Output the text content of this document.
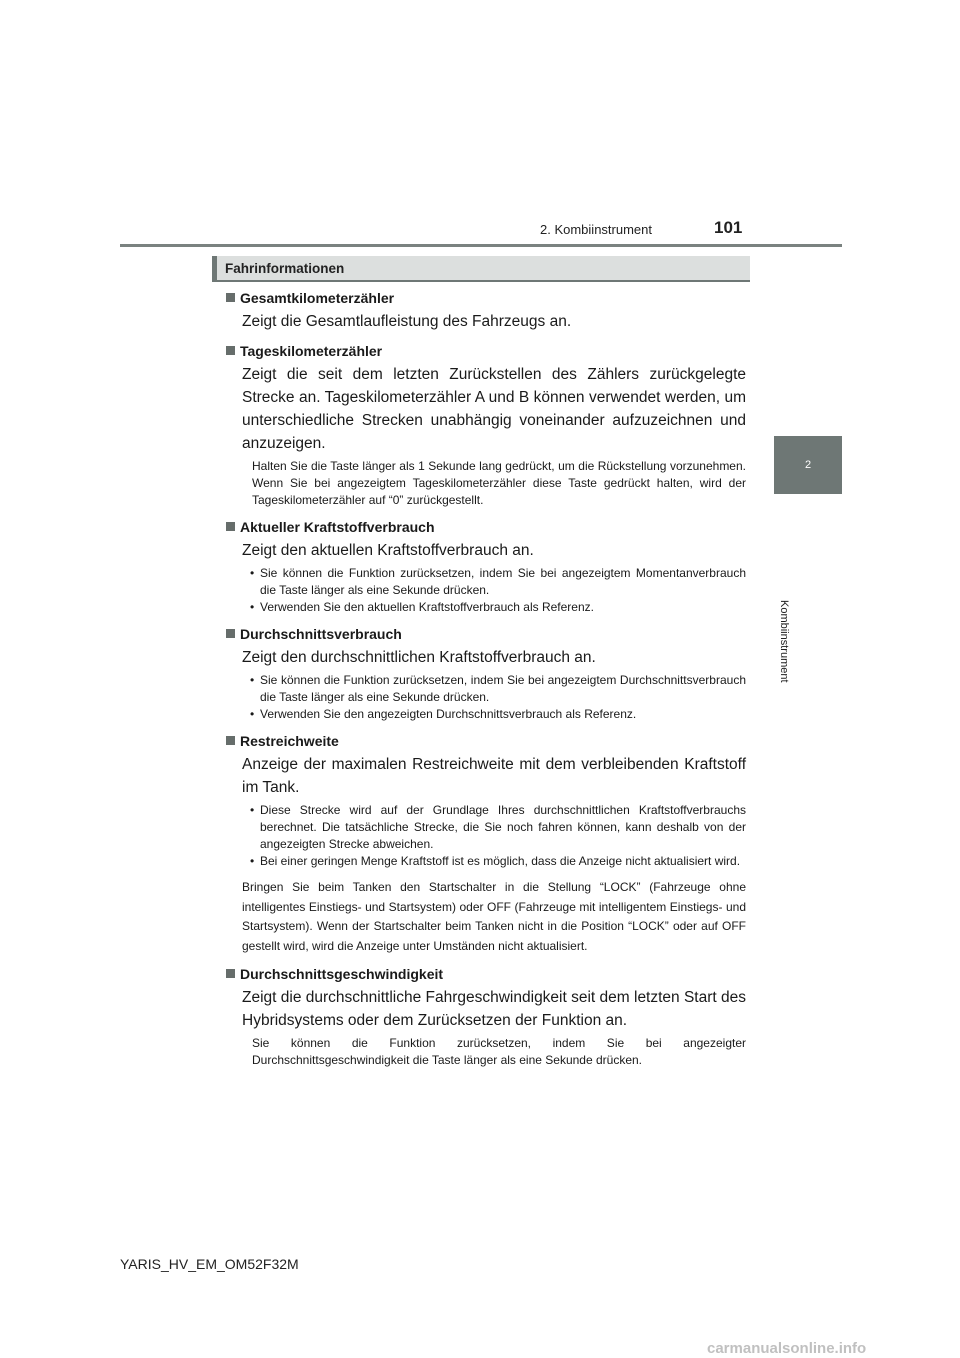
2. Kombiinstrument	101
2
Kombiinstrument
Fahrinformationen
Gesamtkilometerzähler
Zeigt die Gesamtlaufleistung des Fahrzeugs an.
Tageskilometerzähler
Zeigt die seit dem letzten Zurückstellen des Zählers zurückgelegte Strecke an. Tageskilometerzähler A und B können verwendet werden, um unterschiedliche Strecken unabhängig voneinander aufzuzeichnen und anzuzeigen.
Halten Sie die Taste länger als 1 Sekunde lang gedrückt, um die Rückstellung vorzunehmen. Wenn Sie bei angezeigtem Tageskilometerzähler diese Taste gedrückt halten, wird der Tageskilometerzähler auf “0” zurückgestellt.
Aktueller Kraftstoffverbrauch
Zeigt den aktuellen Kraftstoffverbrauch an.
• Sie können die Funktion zurücksetzen, indem Sie bei angezeigtem Momentanverbrauch die Taste länger als eine Sekunde drücken.
• Verwenden Sie den aktuellen Kraftstoffverbrauch als Referenz.
Durchschnittsverbrauch
Zeigt den durchschnittlichen Kraftstoffverbrauch an.
• Sie können die Funktion zurücksetzen, indem Sie bei angezeigtem Durchschnittsverbrauch die Taste länger als eine Sekunde drücken.
• Verwenden Sie den angezeigten Durchschnittsverbrauch als Referenz.
Restreichweite
Anzeige der maximalen Restreichweite mit dem verbleibenden Kraftstoff im Tank.
• Diese Strecke wird auf der Grundlage Ihres durchschnittlichen Kraftstoffverbrauchs berechnet. Die tatsächliche Strecke, die Sie noch fahren können, kann deshalb von der angezeigten Strecke abweichen.
• Bei einer geringen Menge Kraftstoff ist es möglich, dass die Anzeige nicht aktualisiert wird.
Bringen Sie beim Tanken den Startschalter in die Stellung “LOCK” (Fahrzeuge ohne intelligentes Einstiegs- und Startsystem) oder OFF (Fahrzeuge mit intelligentem Einstiegs- und Startsystem). Wenn der Startschalter beim Tanken nicht in die Position “LOCK” oder auf OFF gestellt wird, wird die Anzeige unter Umständen nicht aktualisiert.
Durchschnittsgeschwindigkeit
Zeigt die durchschnittliche Fahrgeschwindigkeit seit dem letzten Start des Hybridsystems oder dem Zurücksetzen der Funktion an.
Sie können die Funktion zurücksetzen, indem Sie bei angezeigter Durchschnittsgeschwindigkeit die Taste länger als eine Sekunde drücken.
YARIS_HV_EM_OM52F32M
carmanualsonline.info
